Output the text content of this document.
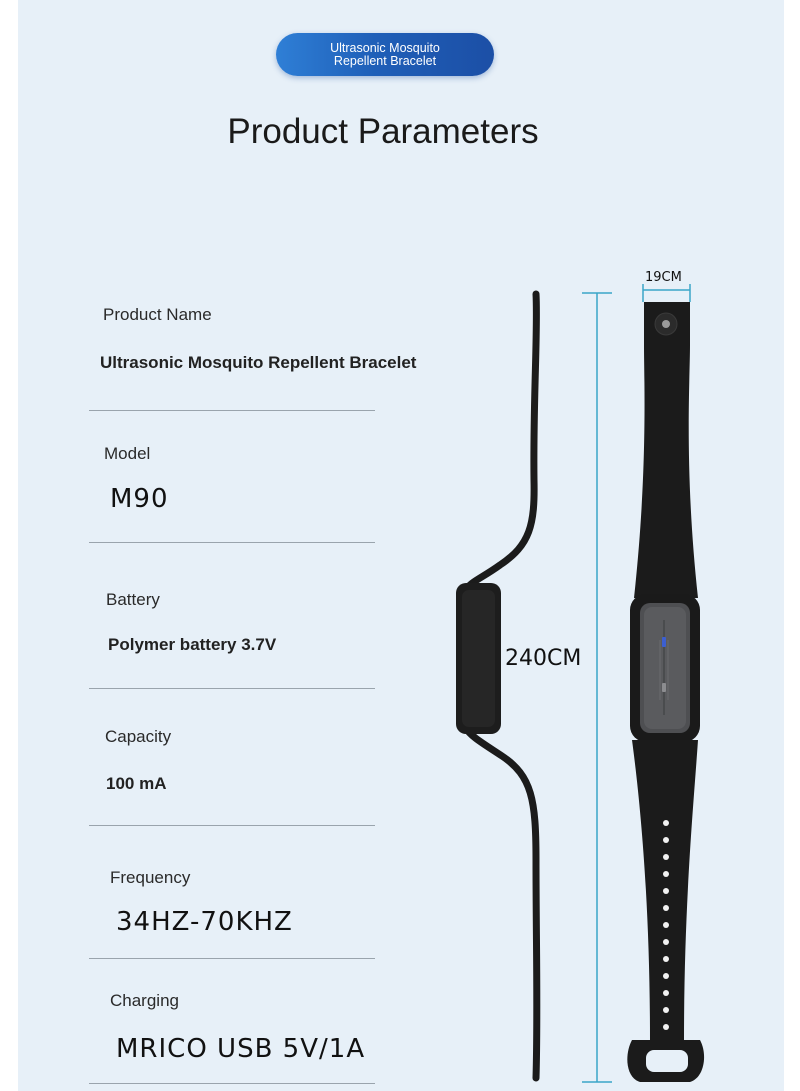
Ultrasonic Mosquito
Repellent Bracelet
Product Parameters
Product Name
Ultrasonic Mosquito Repellent Bracelet
Model
M90
Battery
Polymer battery 3.7V
Capacity
100 mA
Frequency
34HZ-70KHZ
Charging
MRICO USB 5V/1A
19CM
240CM
